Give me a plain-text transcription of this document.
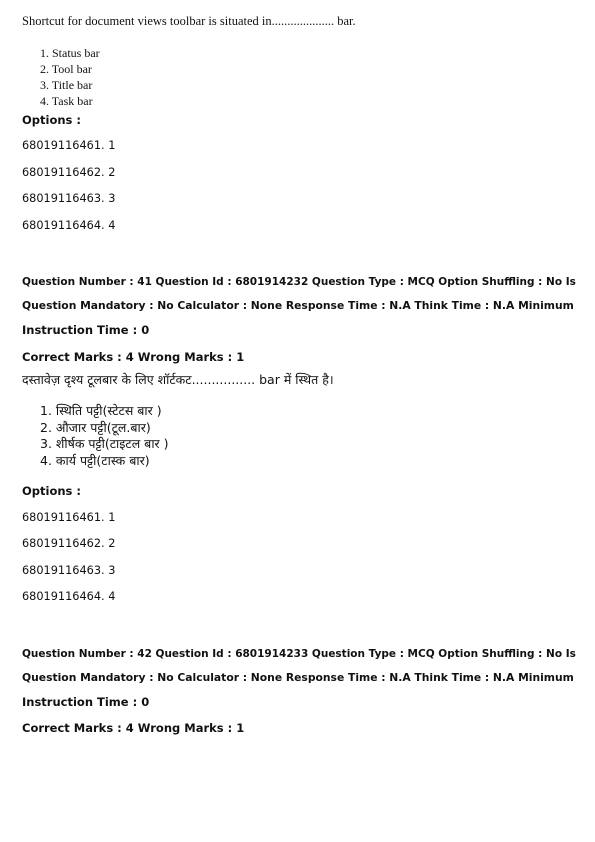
Shortcut for document views toolbar is situated in.................... bar.
1. Status bar
2. Tool bar
3. Title bar
4. Task bar
Options :
68019116461. 1
68019116462. 2
68019116463. 3
68019116464. 4
Question Number : 41 Question Id : 6801914232 Question Type : MCQ Option Shuffling : No Is
Question Mandatory : No Calculator : None Response Time : N.A Think Time : N.A Minimum
Instruction Time : 0
Correct Marks : 4 Wrong Marks : 1
दस्तावेज़ दृश्य टूलबार के लिए शॉर्टकट................ bar में स्थित है।
1. स्थिति पट्टी(स्टेटस बार )
2. औजार पट्टी(टूल.बार)
3. शीर्षक पट्टी(टाइटल बार )
4. कार्य पट्टी(टास्क बार)
Options :
68019116461. 1
68019116462. 2
68019116463. 3
68019116464. 4
Question Number : 42 Question Id : 6801914233 Question Type : MCQ Option Shuffling : No Is
Question Mandatory : No Calculator : None Response Time : N.A Think Time : N.A Minimum
Instruction Time : 0
Correct Marks : 4 Wrong Marks : 1
